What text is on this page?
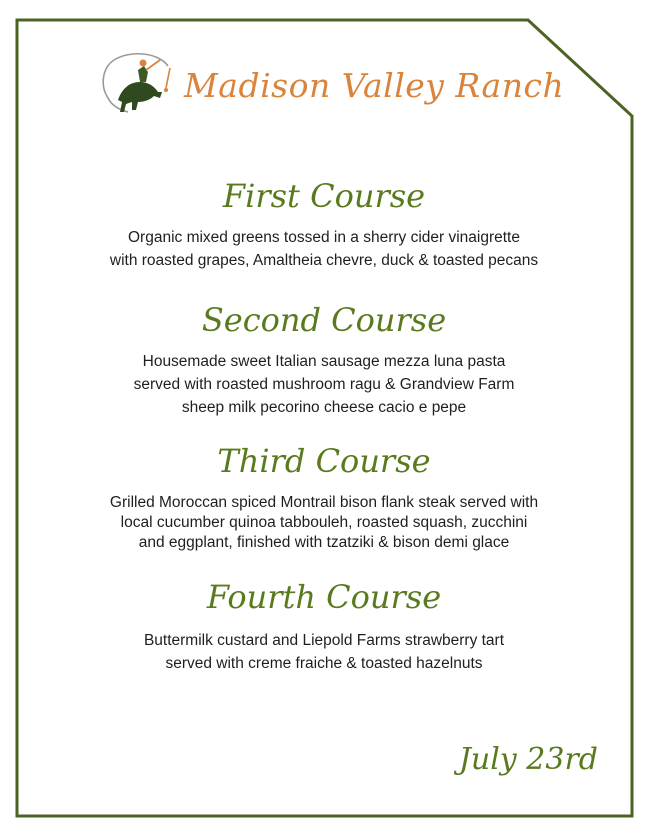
Madison Valley Ranch
First Course
Organic mixed greens tossed in a sherry cider vinaigrette
with roasted grapes, Amaltheia chevre, duck & toasted pecans
Second Course
Housemade sweet Italian sausage mezza luna pasta
served with roasted mushroom ragu & Grandview Farm
sheep milk pecorino cheese cacio e pepe
Third Course
Grilled Moroccan spiced Montrail bison flank steak served with
local cucumber quinoa tabbouleh, roasted squash, zucchini
and eggplant, finished with tzatziki & bison demi glace
Fourth Course
Buttermilk custard and Liepold Farms strawberry tart
served with creme fraiche & toasted hazelnuts
July 23rd
